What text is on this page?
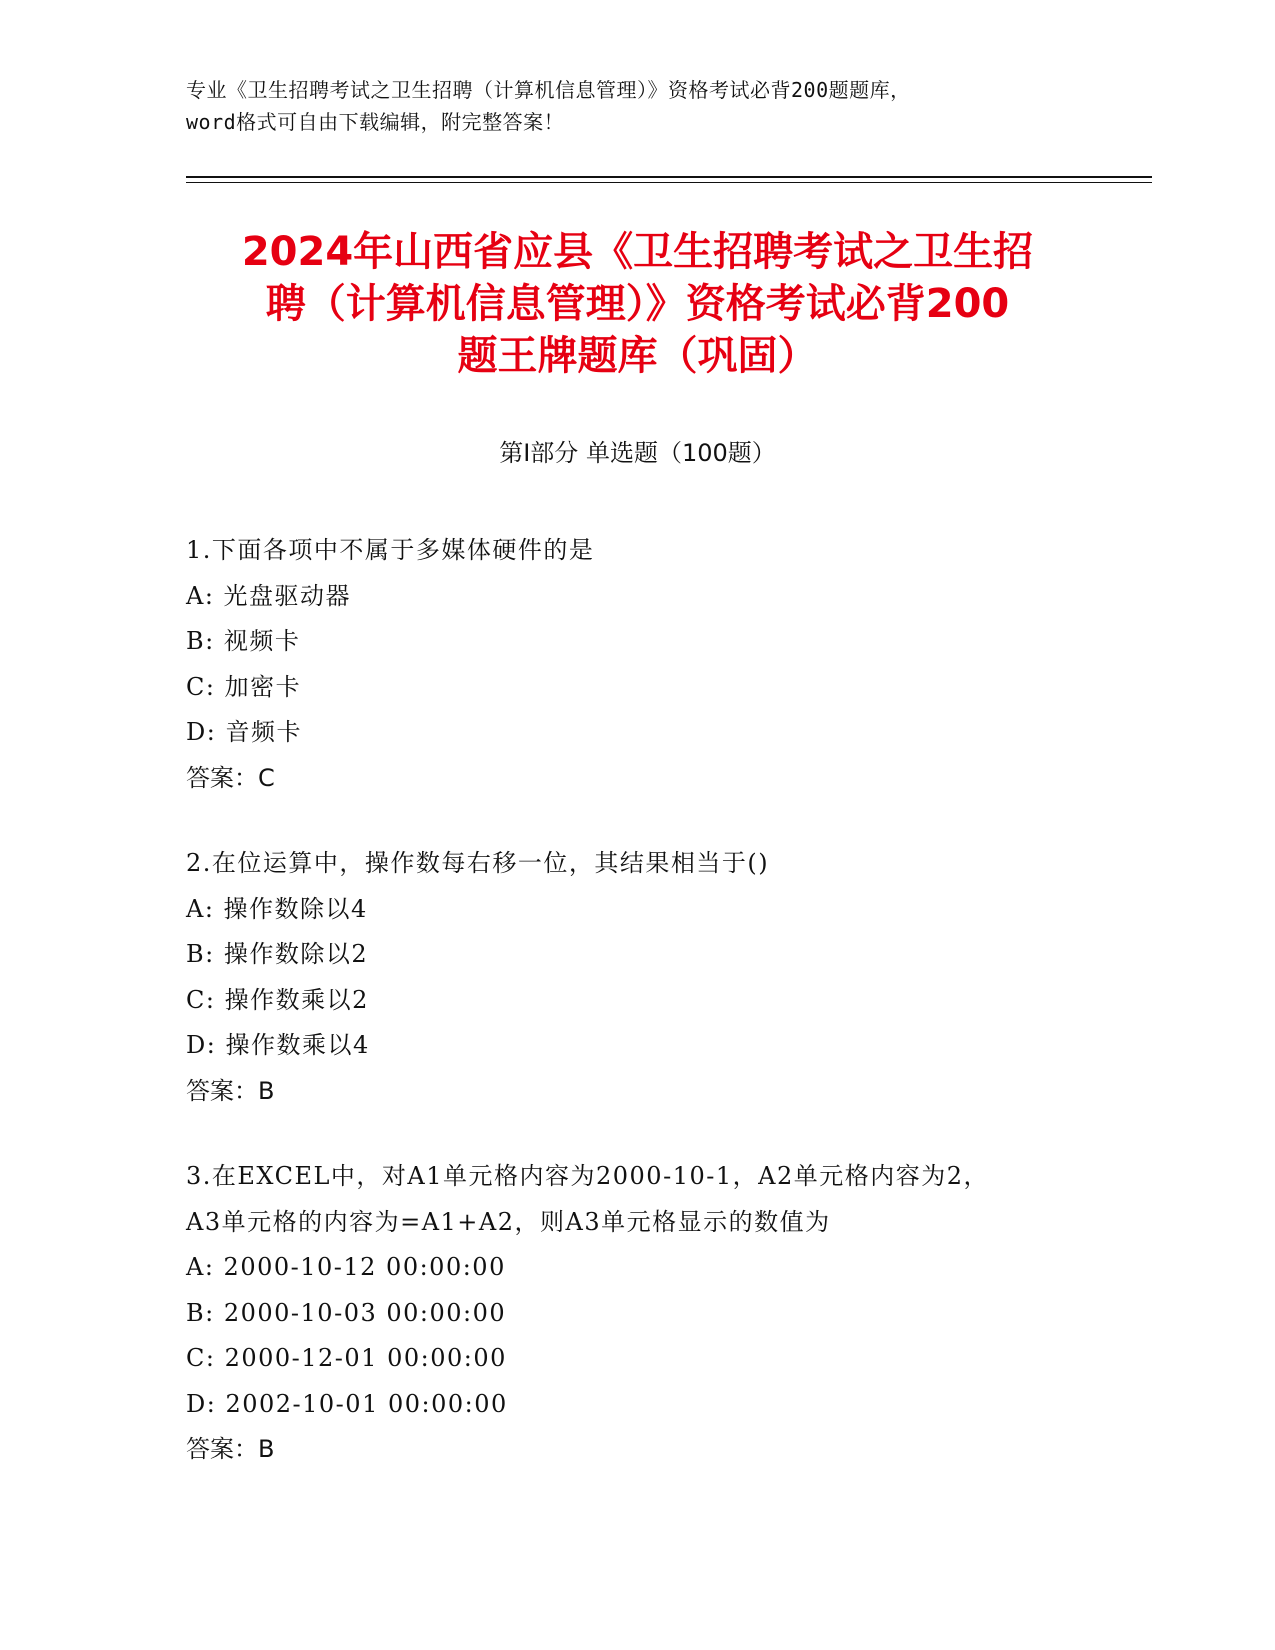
专业《卫生招聘考试之卫生招聘（计算机信息管理）》资格考试必背200题题库，
word格式可自由下载编辑，附完整答案！
2024年山西省应县《卫生招聘考试之卫生招
聘（计算机信息管理）》资格考试必背200
题王牌题库（巩固）
第Ⅰ部分 单选题（100题）
1.下面各项中不属于多媒体硬件的是
A: 光盘驱动器
B: 视频卡
C: 加密卡
D: 音频卡
答案：C
2.在位运算中，操作数每右移一位，其结果相当于()
A: 操作数除以4
B: 操作数除以2
C: 操作数乘以2
D: 操作数乘以4
答案：B
3.在EXCEL中，对A1单元格内容为2000-10-1，A2单元格内容为2，
A3单元格的内容为=A1+A2，则A3单元格显示的数值为
A: 2000-10-12 00:00:00
B: 2000-10-03 00:00:00
C: 2000-12-01 00:00:00
D: 2002-10-01 00:00:00
答案：B
